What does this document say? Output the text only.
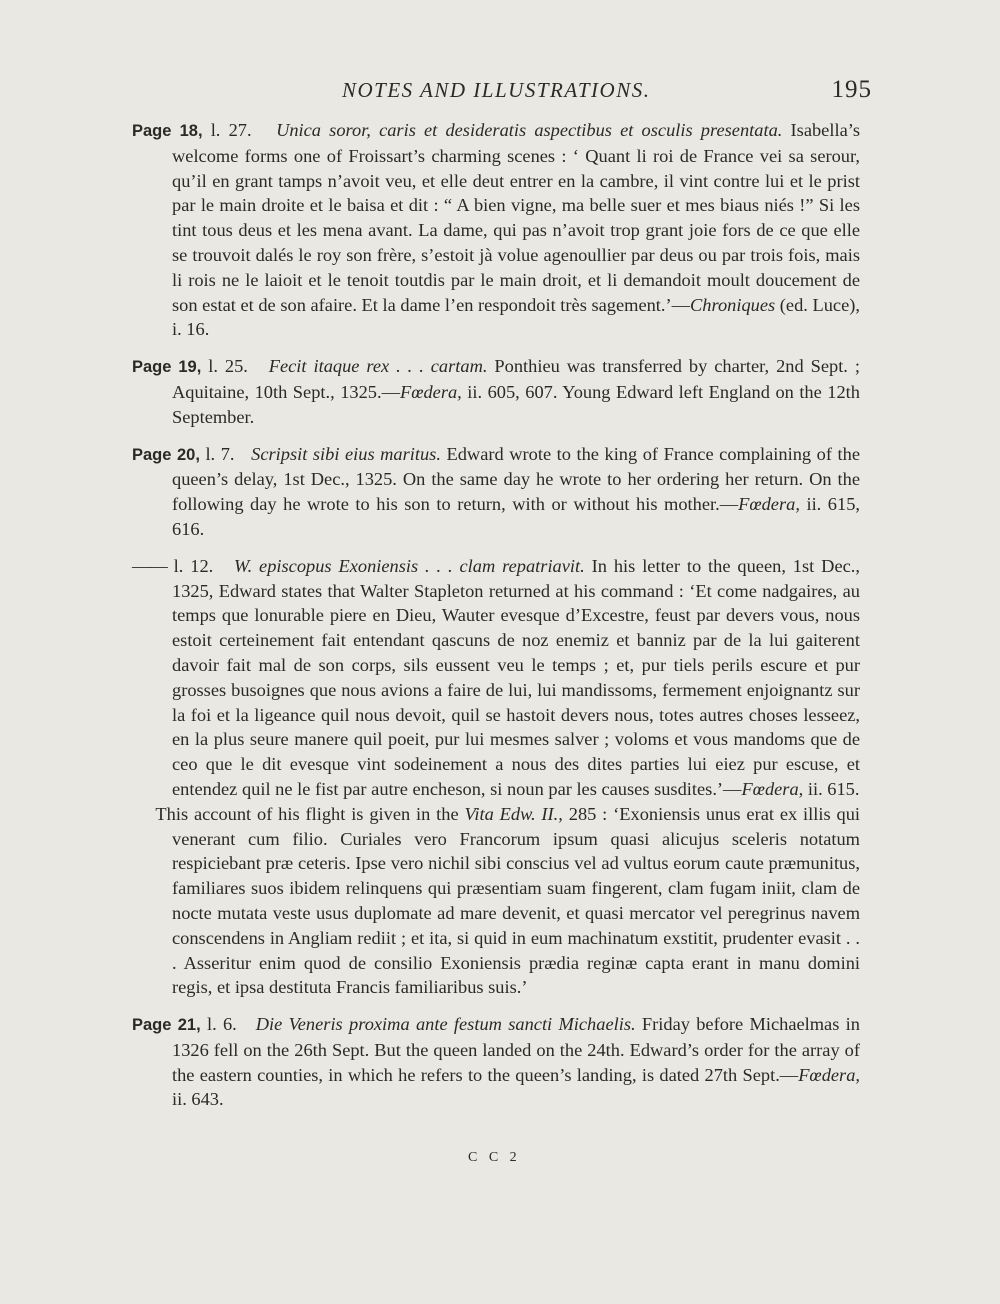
NOTES AND ILLUSTRATIONS.	195

Page 18, l. 27. Unica soror, caris et desideratis aspectibus et osculis presentata. Isabella’s welcome forms one of Froissart’s charming scenes : ‘ Quant li roi de France vei sa serour, qu’il en grant tamps n’avoit veu, et elle deut entrer en la cambre, il vint contre lui et le prist par le main droite et le baisa et dit : “ A bien vigne, ma belle suer et mes biaus niés !” Si les tint tous deus et les mena avant. La dame, qui pas n’avoit trop grant joie fors de ce que elle se trouvoit dalés le roy son frère, s’estoit jà volue agenoullier par deus ou par trois fois, mais li rois ne le laioit et le tenoit toutdis par le main droit, et li demandoit moult doucement de son estat et de son afaire. Et la dame l’en respondoit très sagement.’—Chroniques (ed. Luce), i. 16.

Page 19, l. 25. Fecit itaque rex . . . cartam. Ponthieu was transferred by charter, 2nd Sept. ; Aquitaine, 10th Sept., 1325.—Fœdera, ii. 605, 607. Young Edward left England on the 12th September.

Page 20, l. 7. Scripsit sibi eius maritus. Edward wrote to the king of France complaining of the queen’s delay, 1st Dec., 1325. On the same day he wrote to her ordering her return. On the following day he wrote to his son to return, with or without his mother.—Fœdera, ii. 615, 616.

—— l. 12. W. episcopus Exoniensis . . . clam repatriavit. In his letter to the queen, 1st Dec., 1325, Edward states that Walter Stapleton returned at his command : ‘Et come nadgaires, au temps que lonurable piere en Dieu, Wauter evesque d’Excestre, feust par devers vous, nous estoit certeinement fait entendant qascuns de noz enemiz et banniz par de la lui gaiterent davoir fait mal de son corps, sils eussent veu le temps ; et, pur tiels perils escure et pur grosses busoignes que nous avions a faire de lui, lui mandissoms, fermement enjoignantz sur la foi et la ligeance quil nous devoit, quil se hastoit devers nous, totes autres choses lesseez, en la plus seure manere quil poeit, pur lui mesmes salver ; voloms et vous mandoms que de ceo que le dit evesque vint sodeinement a nous des dites parties lui eiez pur escuse, et entendez quil ne le fist par autre encheson, si noun par les causes susdites.’—Fœdera, ii. 615.

This account of his flight is given in the Vita Edw. II., 285 : ‘Exoniensis unus erat ex illis qui venerant cum filio. Curiales vero Francorum ipsum quasi alicujus sceleris notatum respiciebant præ ceteris. Ipse vero nichil sibi conscius vel ad vultus eorum caute præmunitus, familiares suos ibidem relinquens qui præsentiam suam fingerent, clam fugam iniit, clam de nocte mutata veste usus duplomate ad mare devenit, et quasi mercator vel peregrinus navem conscendens in Angliam rediit ; et ita, si quid in eum machinatum exstitit, prudenter evasit . . . Asseritur enim quod de consilio Exoniensis prædia reginæ capta erant in manu domini regis, et ipsa destituta Francis familiaribus suis.’

Page 21, l. 6. Die Veneris proxima ante festum sancti Michaelis. Friday before Michaelmas in 1326 fell on the 26th Sept. But the queen landed on the 24th. Edward’s order for the array of the eastern counties, in which he refers to the queen’s landing, is dated 27th Sept.—Fœdera, ii. 643.

C C 2
